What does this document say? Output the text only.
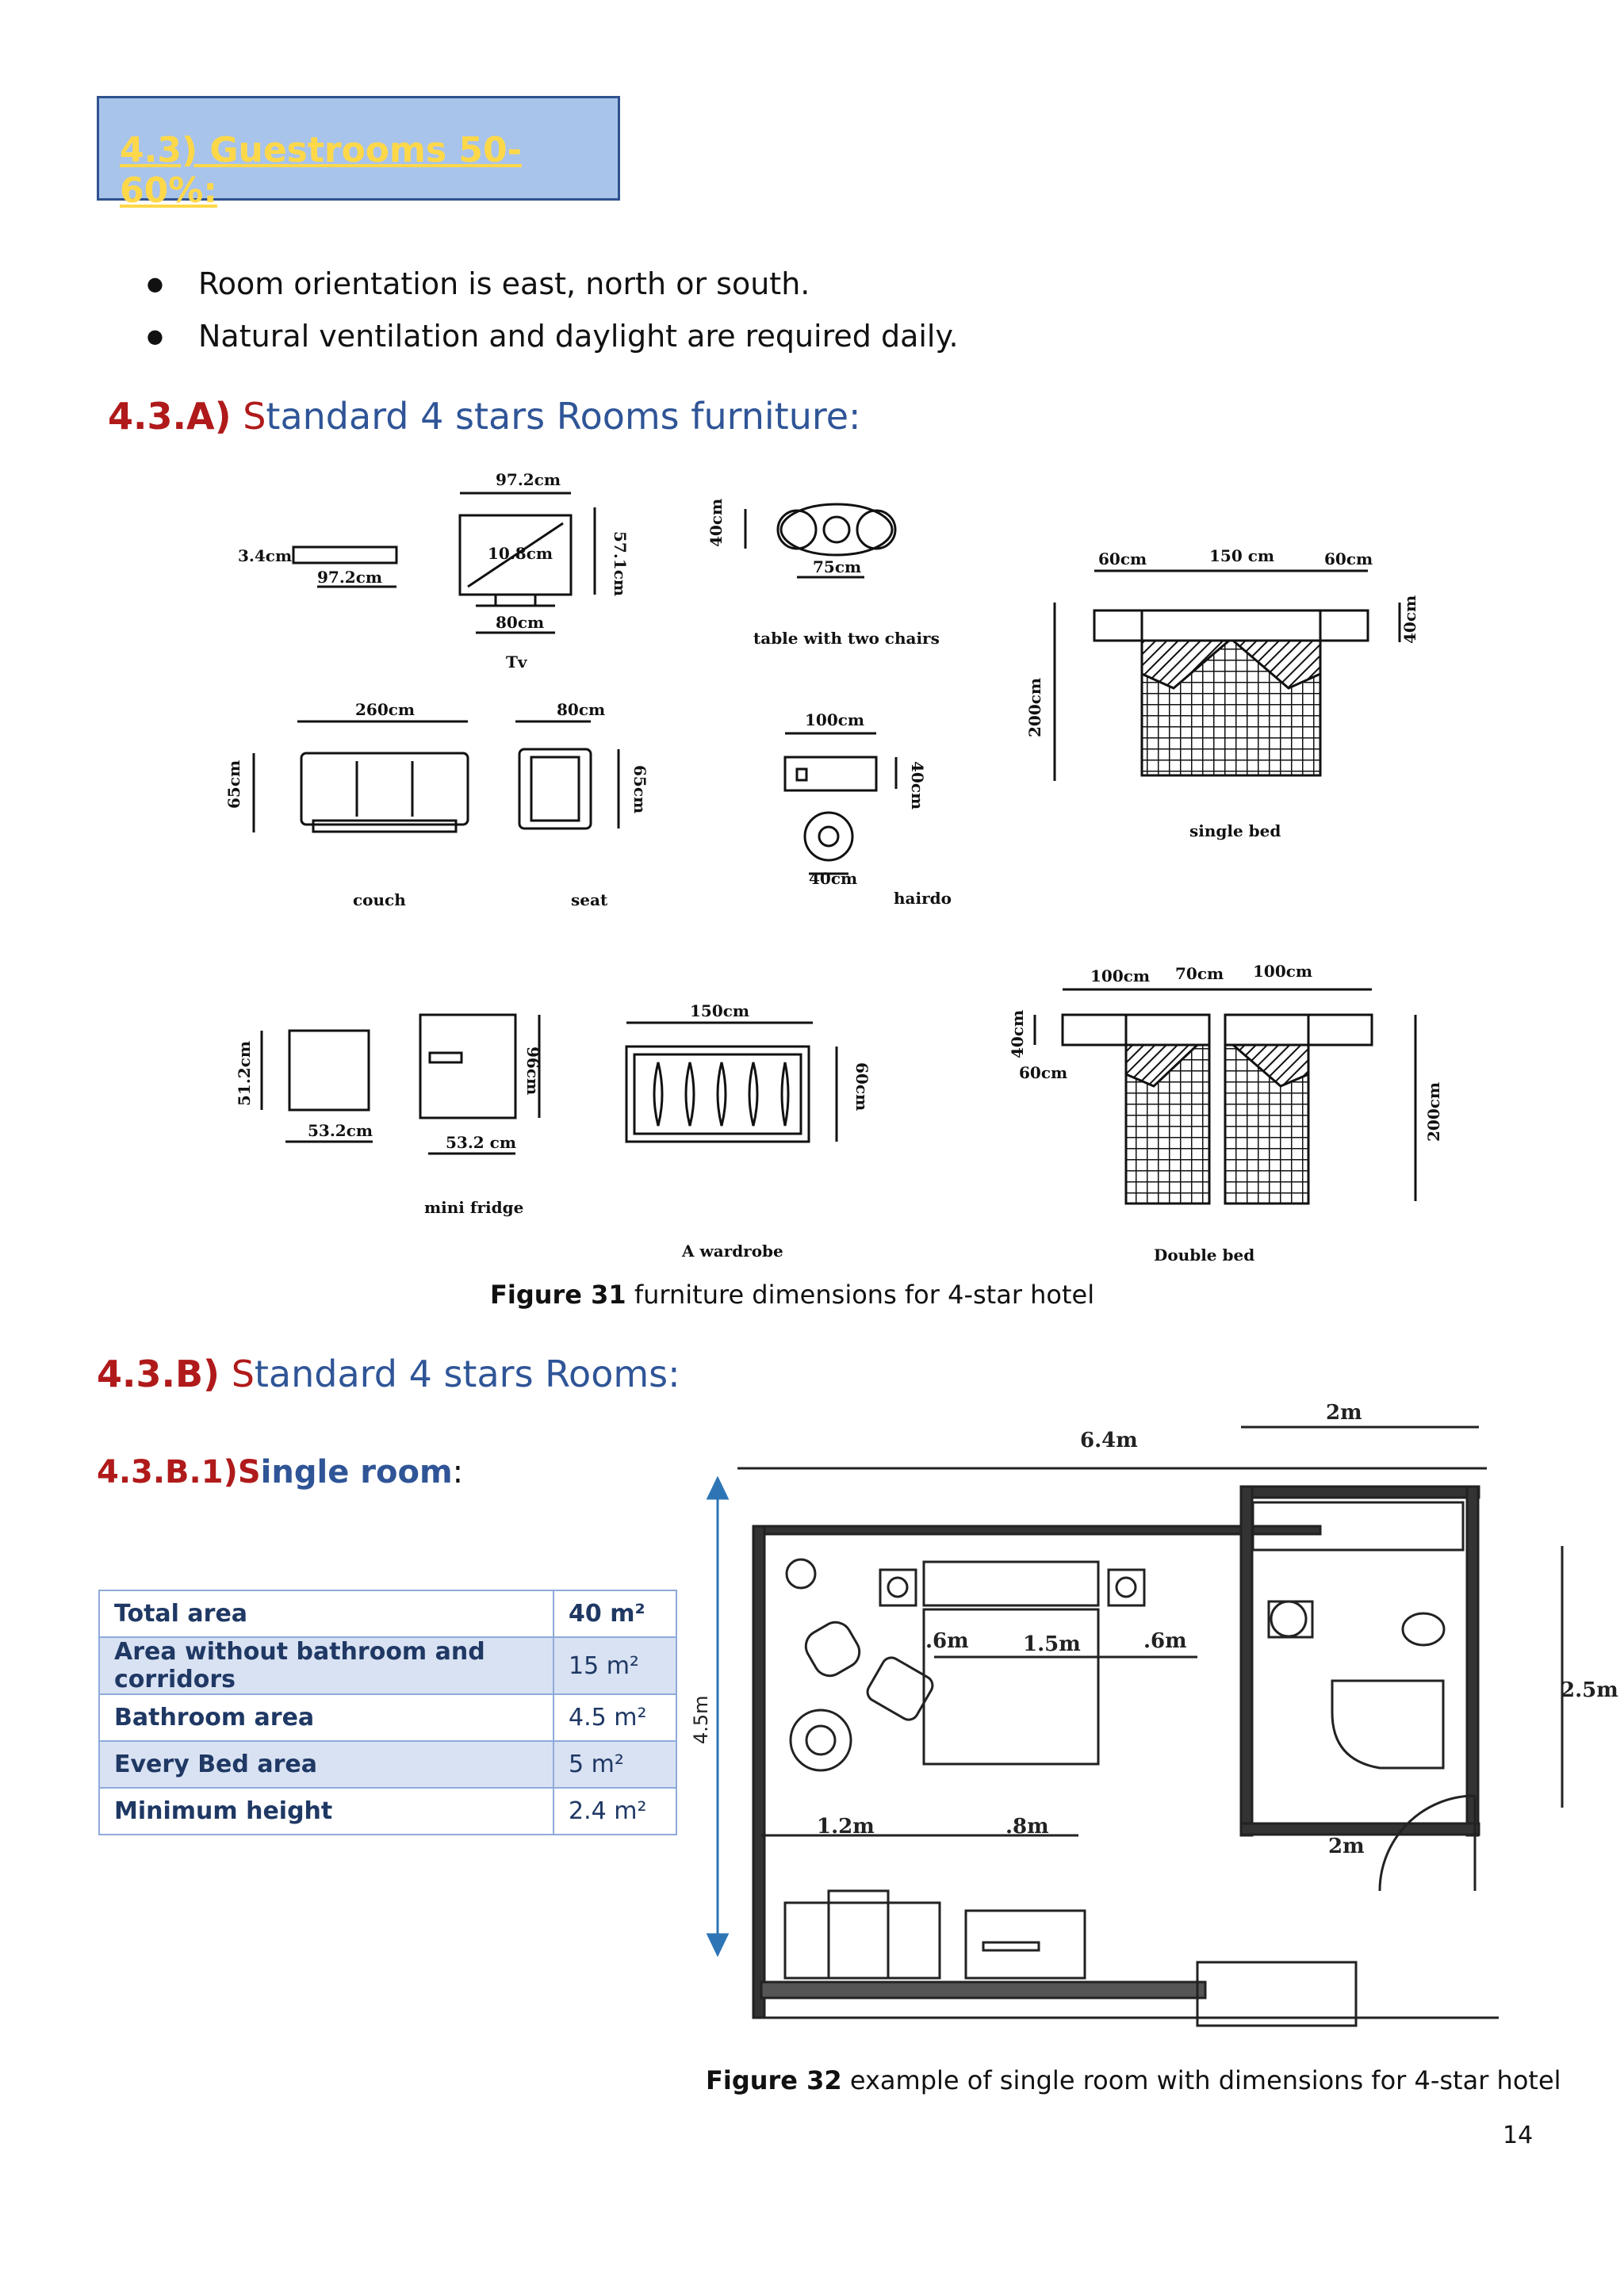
4.3) Guestrooms 50-60%:
● Room orientation is east, north or south.
● Natural ventilation and daylight are required daily.
4.3.A) Standard 4 stars Rooms furniture:
97.2cm
10.8cm
80cm
Tv
57.1cm
3.4cm
97.2cm
40cm
75cm
table with two chairs
60cm	150 cm	60cm
40cm
200cm
single bed
260cm
65cm
couch
80cm
65cm
seat
100cm
40cm
40cm
hairdo
51.2cm
53.2cm
96cm
53.2 cm
mini fridge
150cm
60cm
A wardrobe
100cm 70cm 100cm
40cm
60cm
200cm
Double bed
Figure 31 furniture dimensions for 4-star hotel
4.3.B) Standard 4 stars Rooms:
4.3.B.1)Single room:
Total area	40 m²
Area without bathroom and corridors	15 m²
Bathroom area	4.5 m²
Every Bed area	5 m²
Minimum height	2.4 m²
6.4m
2m
2.5m
.6m	1.5m	.6m
1.2m	.8m
2m
4.5m
Figure 32 example of single room with dimensions for 4-star hotel
14
